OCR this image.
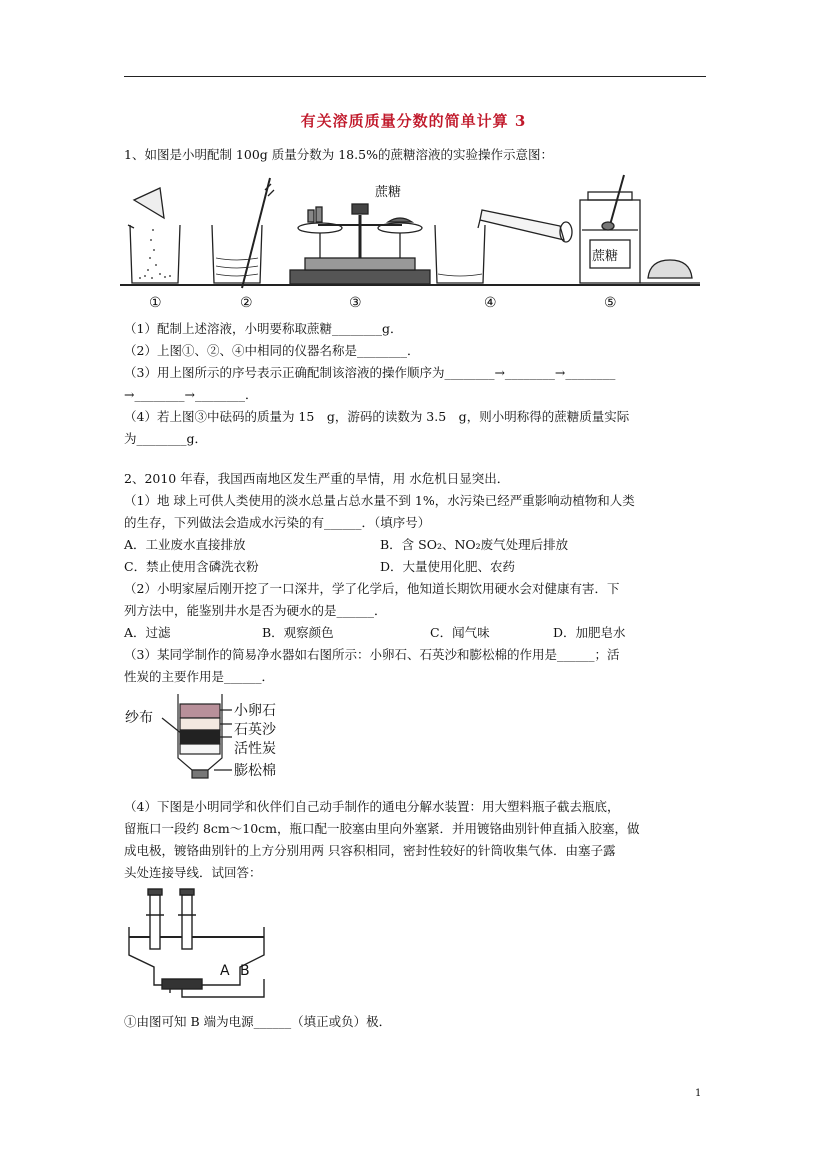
有关溶质质量分数的简单计算 3
1、如图是小明配制 100g 质量分数为 18.5%的蔗糖溶液的实验操作示意图：
蔗糖
蔗糖
①	②	③	④	⑤
（1）配制上述溶液，小明要称取蔗糖________g．
（2）上图①、②、④中相同的仪器名称是________．
（3）用上图所示的序号表示正确配制该溶液的操作顺序为________→________→________
→________→________．
（4）若上图③中砝码的质量为 15　g，游码的读数为 3.5　g，则小明称得的蔗糖质量实际
为________g．
2、2010 年春，我国西南地区发生严重的旱情，用 水危机日显突出．
（1）地 球上可供人类使用的淡水总量占总水量不到 1%，水污染已经严重影响动植物和人类
的生存，下列做法会造成水污染的有______．（填序号）
A．工业废水直接排放	B．含 SO₂、NO₂废气处理后排放
C．禁止使用含磷洗衣粉	D．大量使用化肥、农药
（2）小明家屋后刚开挖了一口深井，学了化学后，他知道长期饮用硬水会对健康有害．下
列方法中，能鉴别井水是否为硬水的是______．
A．过滤	B．观察颜色	C．闻气味	D．加肥皂水
（3）某同学制作的简易净水器如右图所示：小卵石、石英沙和膨松棉的作用是______；活
性炭的主要作用是______．
小卵石
石英沙
活性炭
膨松棉
纱布
（4）下图是小明同学和伙伴们自己动手制作的通电分解水装置：用大塑料瓶子截去瓶底，
留瓶口一段约 8cm～10cm，瓶口配一胶塞由里向外塞紧．并用镀铬曲别针伸直插入胶塞，做
成电极，镀铬曲别针的上方分别用两 只容积相同，密封性较好的针筒收集气体．由塞子露
头处连接导线．试回答：
A B
①由图可知 B 端为电源______（填正或负）极．
1
